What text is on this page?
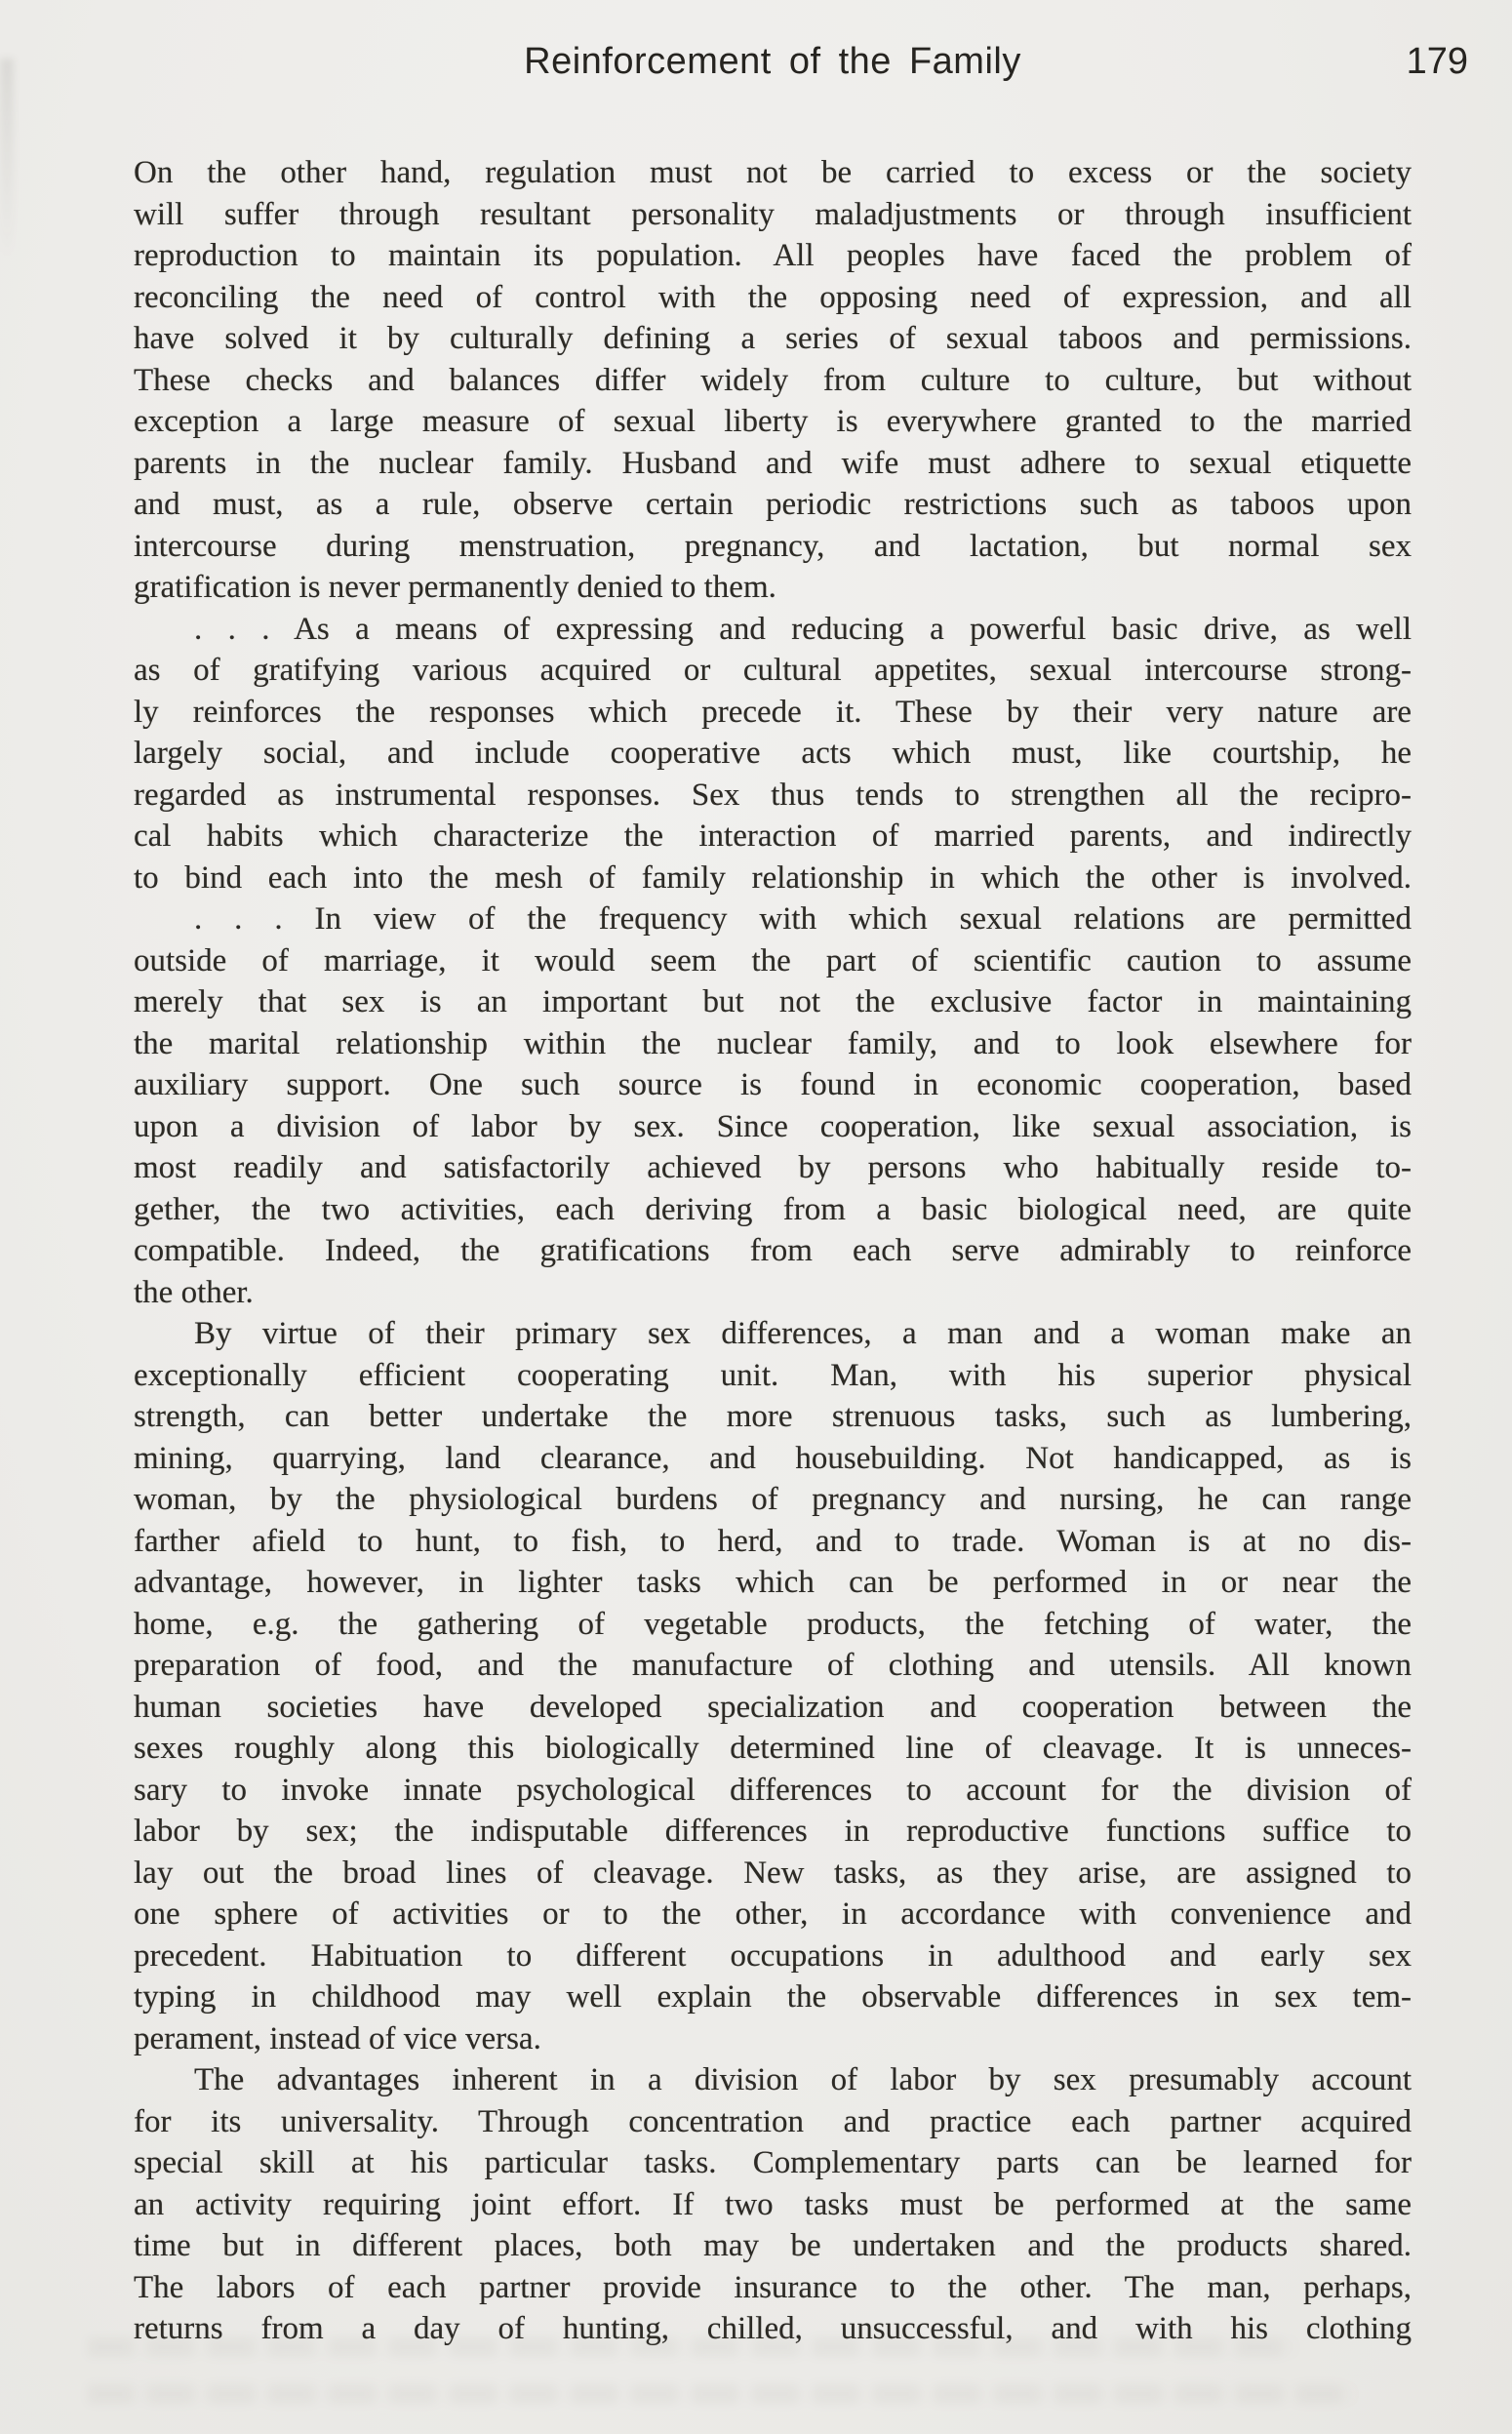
Reinforcement of the Family	179

On the other hand, regulation must not be carried to excess or the society
will suffer through resultant personality maladjustments or through insufficient
reproduction to maintain its population. All peoples have faced the problem of
reconciling the need of control with the opposing need of expression, and all
have solved it by culturally defining a series of sexual taboos and permissions.
These checks and balances differ widely from culture to culture, but without
exception a large measure of sexual liberty is everywhere granted to the married
parents in the nuclear family. Husband and wife must adhere to sexual etiquette
and must, as a rule, observe certain periodic restrictions such as taboos upon
intercourse during menstruation, pregnancy, and lactation, but normal sex
gratification is never permanently denied to them.

. . . As a means of expressing and reducing a powerful basic drive, as well
as of gratifying various acquired or cultural appetites, sexual intercourse strong-
ly reinforces the responses which precede it. These by their very nature are
largely social, and include cooperative acts which must, like courtship, he
regarded as instrumental responses. Sex thus tends to strengthen all the recipro-
cal habits which characterize the interaction of married parents, and indirectly
to bind each into the mesh of family relationship in which the other is involved.

. . . In view of the frequency with which sexual relations are permitted
outside of marriage, it would seem the part of scientific caution to assume
merely that sex is an important but not the exclusive factor in maintaining
the marital relationship within the nuclear family, and to look elsewhere for
auxiliary support. One such source is found in economic cooperation, based
upon a division of labor by sex. Since cooperation, like sexual association, is
most readily and satisfactorily achieved by persons who habitually reside to-
gether, the two activities, each deriving from a basic biological need, are quite
compatible. Indeed, the gratifications from each serve admirably to reinforce
the other.

By virtue of their primary sex differences, a man and a woman make an
exceptionally efficient cooperating unit. Man, with his superior physical
strength, can better undertake the more strenuous tasks, such as lumbering,
mining, quarrying, land clearance, and housebuilding. Not handicapped, as is
woman, by the physiological burdens of pregnancy and nursing, he can range
farther afield to hunt, to fish, to herd, and to trade. Woman is at no dis-
advantage, however, in lighter tasks which can be performed in or near the
home, e.g. the gathering of vegetable products, the fetching of water, the
preparation of food, and the manufacture of clothing and utensils. All known
human societies have developed specialization and cooperation between the
sexes roughly along this biologically determined line of cleavage. It is unneces-
sary to invoke innate psychological differences to account for the division of
labor by sex; the indisputable differences in reproductive functions suffice to
lay out the broad lines of cleavage. New tasks, as they arise, are assigned to
one sphere of activities or to the other, in accordance with convenience and
precedent. Habituation to different occupations in adulthood and early sex
typing in childhood may well explain the observable differences in sex tem-
perament, instead of vice versa.

The advantages inherent in a division of labor by sex presumably account
for its universality. Through concentration and practice each partner acquired
special skill at his particular tasks. Complementary parts can be learned for
an activity requiring joint effort. If two tasks must be performed at the same
time but in different places, both may be undertaken and the products shared.
The labors of each partner provide insurance to the other. The man, perhaps,
returns from a day of hunting, chilled, unsuccessful, and with his clothing
